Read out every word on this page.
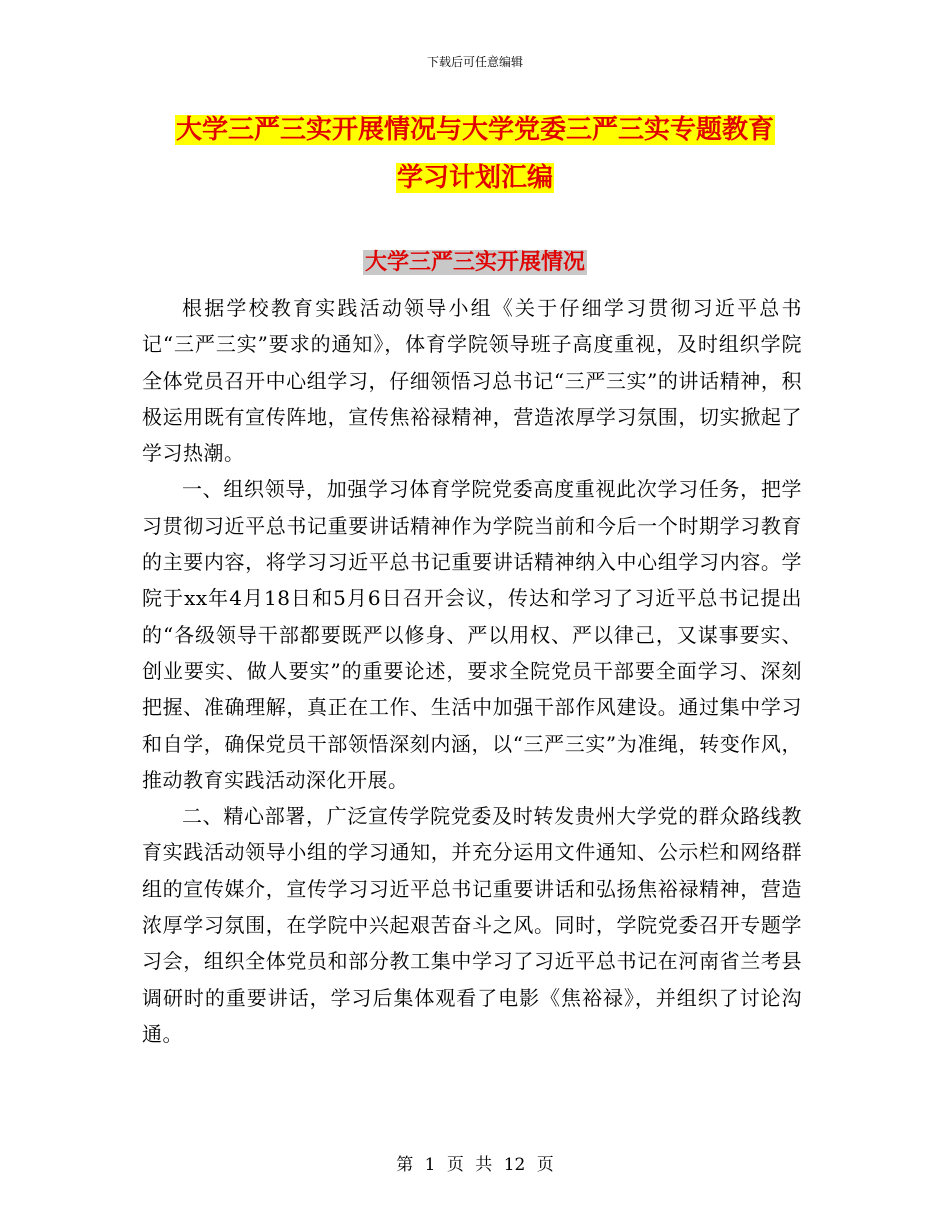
下载后可任意编辑
大学三严三实开展情况与大学党委三严三实专题教育
学习计划汇编
大学三严三实开展情况

根据学校教育实践活动领导小组《关于仔细学习贯彻习近平总书记“三严三实”要求的通知》，体育学院领导班子高度重视，及时组织学院全体党员召开中心组学习，仔细领悟习总书记“三严三实”的讲话精神，积极运用既有宣传阵地，宣传焦裕禄精神，营造浓厚学习氛围，切实掀起了学习热潮。

一、组织领导，加强学习体育学院党委高度重视此次学习任务，把学习贯彻习近平总书记重要讲话精神作为学院当前和今后一个时期学习教育的主要内容，将学习习近平总书记重要讲话精神纳入中心组学习内容。学院于xx年4月18日和5月6日召开会议，传达和学习了习近平总书记提出的“各级领导干部都要既严以修身、严以用权、严以律己，又谋事要实、创业要实、做人要实”的重要论述，要求全院党员干部要全面学习、深刻把握、准确理解，真正在工作、生活中加强干部作风建设。通过集中学习和自学，确保党员干部领悟深刻内涵，以“三严三实”为准绳，转变作风，推动教育实践活动深化开展。

二、精心部署，广泛宣传学院党委及时转发贵州大学党的群众路线教育实践活动领导小组的学习通知，并充分运用文件通知、公示栏和网络群组的宣传媒介，宣传学习习近平总书记重要讲话和弘扬焦裕禄精神，营造浓厚学习氛围，在学院中兴起艰苦奋斗之风。同时，学院党委召开专题学习会，组织全体党员和部分教工集中学习了习近平总书记在河南省兰考县调研时的重要讲话，学习后集体观看了电影《焦裕禄》，并组织了讨论沟通。

第 1 页 共 12 页
